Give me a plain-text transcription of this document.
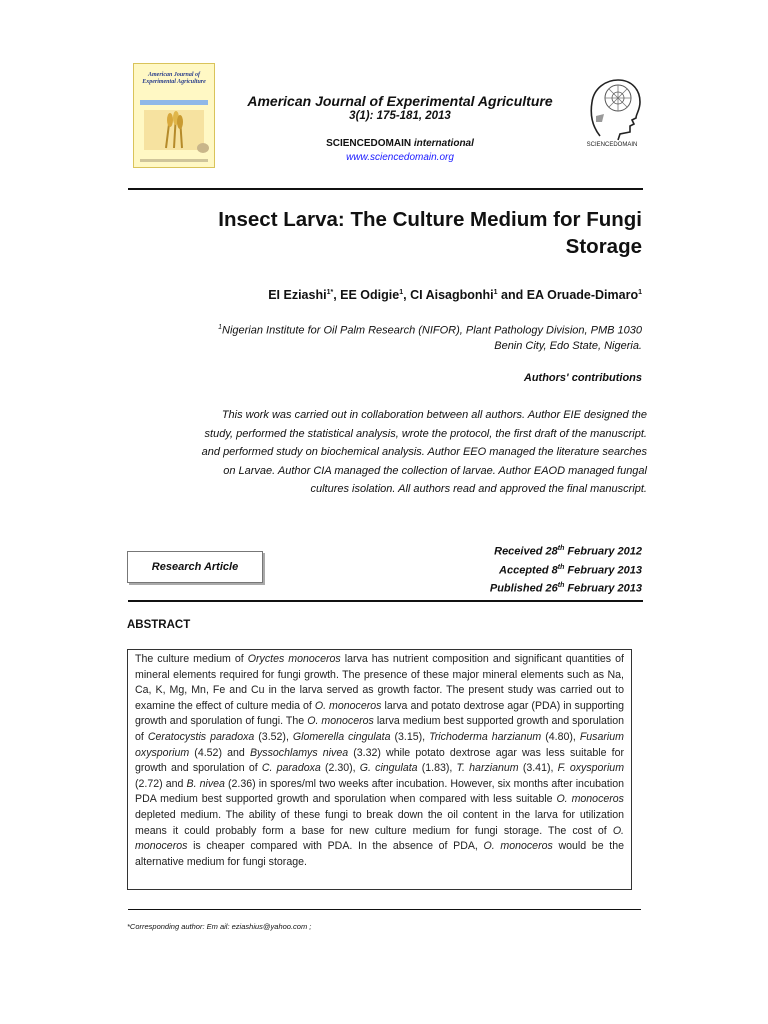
American Journal of Experimental Agriculture
American Journal of Experimental Agriculture
3(1): 175-181, 2013
SCIENCEDOMAIN international
www.sciencedomain.org
SCIENCEDOMAIN
Insect Larva: The Culture Medium for Fungi
Storage
EI Eziashi$^{1*}$, EE Odigie$^1$, CI Aisagbonhi$^1$ and EA Oruade-Dimaro$^1$
$^1$Nigerian Institute for Oil Palm Research (NIFOR), Plant Pathology Division, PMB 1030
Benin City, Edo State, Nigeria.
Authors' contributions
This work was carried out in collaboration between all authors. Author EIE designed the
study, performed the statistical analysis, wrote the protocol, the first draft of the manuscript.
and performed study on biochemical analysis. Author EEO managed the literature searches
on Larvae. Author CIA managed the collection of larvae. Author EAOD managed fungal
cultures isolation. All authors read and approved the final manuscript.
Research Article
Received 28th February 2012
Accepted 8th February 2013
Published 26th February 2013
ABSTRACT
The culture medium of Oryctes monoceros larva has nutrient composition and significant quantities of mineral elements required for fungi growth. The presence of these major mineral elements such as Na, Ca, K, Mg, Mn, Fe and Cu in the larva served as growth factor. The present study was carried out to examine the effect of culture media of O. monoceros larva and potato dextrose agar (PDA) in supporting growth and sporulation of fungi. The O. monoceros larva medium best supported growth and sporulation of Ceratocystis paradoxa (3.52), Glomerella cingulata (3.15), Trichoderma harzianum (4.80), Fusarium oxysporium (4.52) and Byssochlamys nivea (3.32) while potato dextrose agar was less suitable for growth and sporulation of C. paradoxa (2.30), G. cingulata (1.83), T. harzianum (3.41), F. oxysporium (2.72) and B. nivea (2.36) in spores/ml two weeks after incubation. However, six months after incubation PDA medium best supported growth and sporulation when compared with less suitable O. monoceros depleted medium. The ability of these fungi to break down the oil content in the larva for utilization means it could probably form a base for new culture medium for fungi storage. The cost of O. monoceros is cheaper compared with PDA. In the absence of PDA, O. monoceros would be the alternative medium for fungi storage.
*Corresponding author: Em ail: eziashius@yahoo.com ;
